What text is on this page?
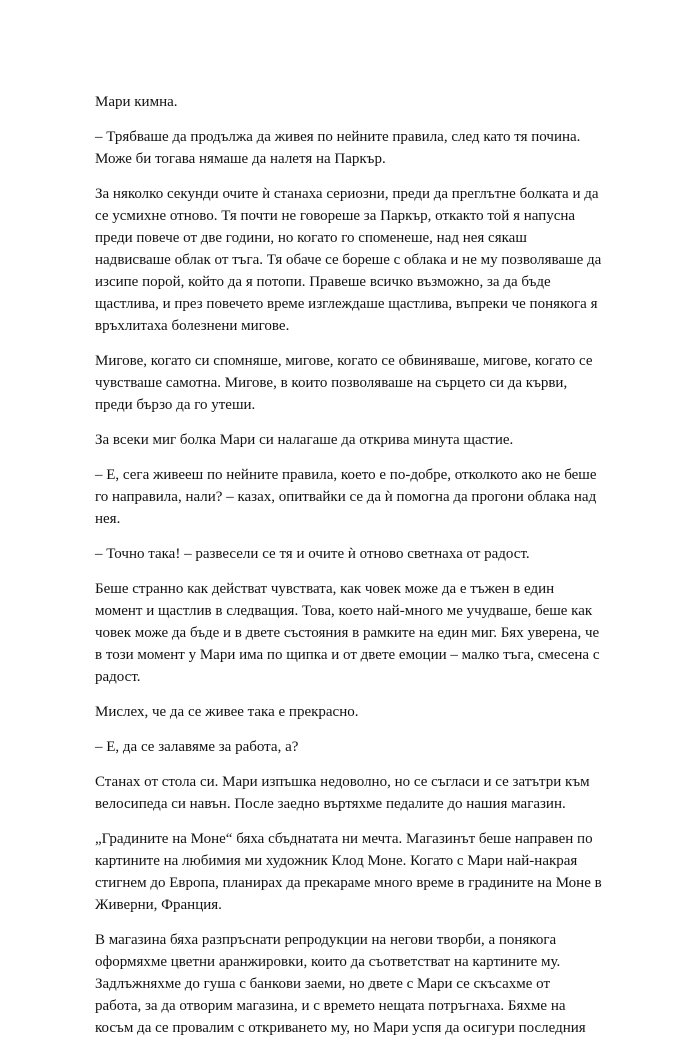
Мари кимна.

– Трябваше да продължа да живея по нейните правила, след като тя почина.
Може би тогава нямаше да налетя на Паркър.

За няколко секунди очите ѝ станаха сериозни, преди да преглътне болката и да
се усмихне отново. Тя почти не говореше за Паркър, откакто той я напусна
преди повече от две години, но когато го споменеше, над нея сякаш
надвисваше облак от тъга. Тя обаче се бореше с облака и не му позволяваше да
изсипе порой, който да я потопи. Правеше всичко възможно, за да бъде
щастлива, и през повечето време изглеждаше щастлива, въпреки че понякога я
връхлитаха болезнени мигове.

Мигове, когато си спомняше, мигове, когато се обвиняваше, мигове, когато се
чувстваше самотна. Мигове, в които позволяваше на сърцето си да кърви,
преди бързо да го утеши.

За всеки миг болка Мари си налагаше да открива минута щастие.

– Е, сега живееш по нейните правила, което е по-добре, отколкото ако не беше
го направила, нали? – казах, опитвайки се да ѝ помогна да прогони облака над
нея.

– Точно така! – развесели се тя и очите ѝ отново светнаха от радост.

Беше странно как действат чувствата, как човек може да е тъжен в един
момент и щастлив в следващия. Това, което най-много ме учудваше, беше как
човек може да бъде и в двете състояния в рамките на един миг. Бях уверена, че
в този момент у Мари има по щипка и от двете емоции – малко тъга, смесена с
радост.

Мислех, че да се живее така е прекрасно.

– Е, да се залавяме за работа, а?

Станах от стола си. Мари изпъшка недоволно, но се съгласи и се затътри към
велосипеда си навън. После заедно въртяхме педалите до нашия магазин.

„Градините на Моне“ бяха сбъднатата ни мечта. Магазинът беше направен по
картините на любимия ми художник Клод Моне. Когато с Мари най-накрая
стигнем до Европа, планирах да прекараме много време в градините на Моне в
Живерни, Франция.

В магазина бяха разпръснати репродукции на негови творби, а понякога
оформяхме цветни аранжировки, които да съответстват на картините му.
Задлъжняхме до гуша с банкови заеми, но двете с Мари се скъсахме от
работа, за да отворим магазина, и с времето нещата потръгнаха. Бяхме на
косъм да се провалим с откриването му, но Мари успя да осигури последния
